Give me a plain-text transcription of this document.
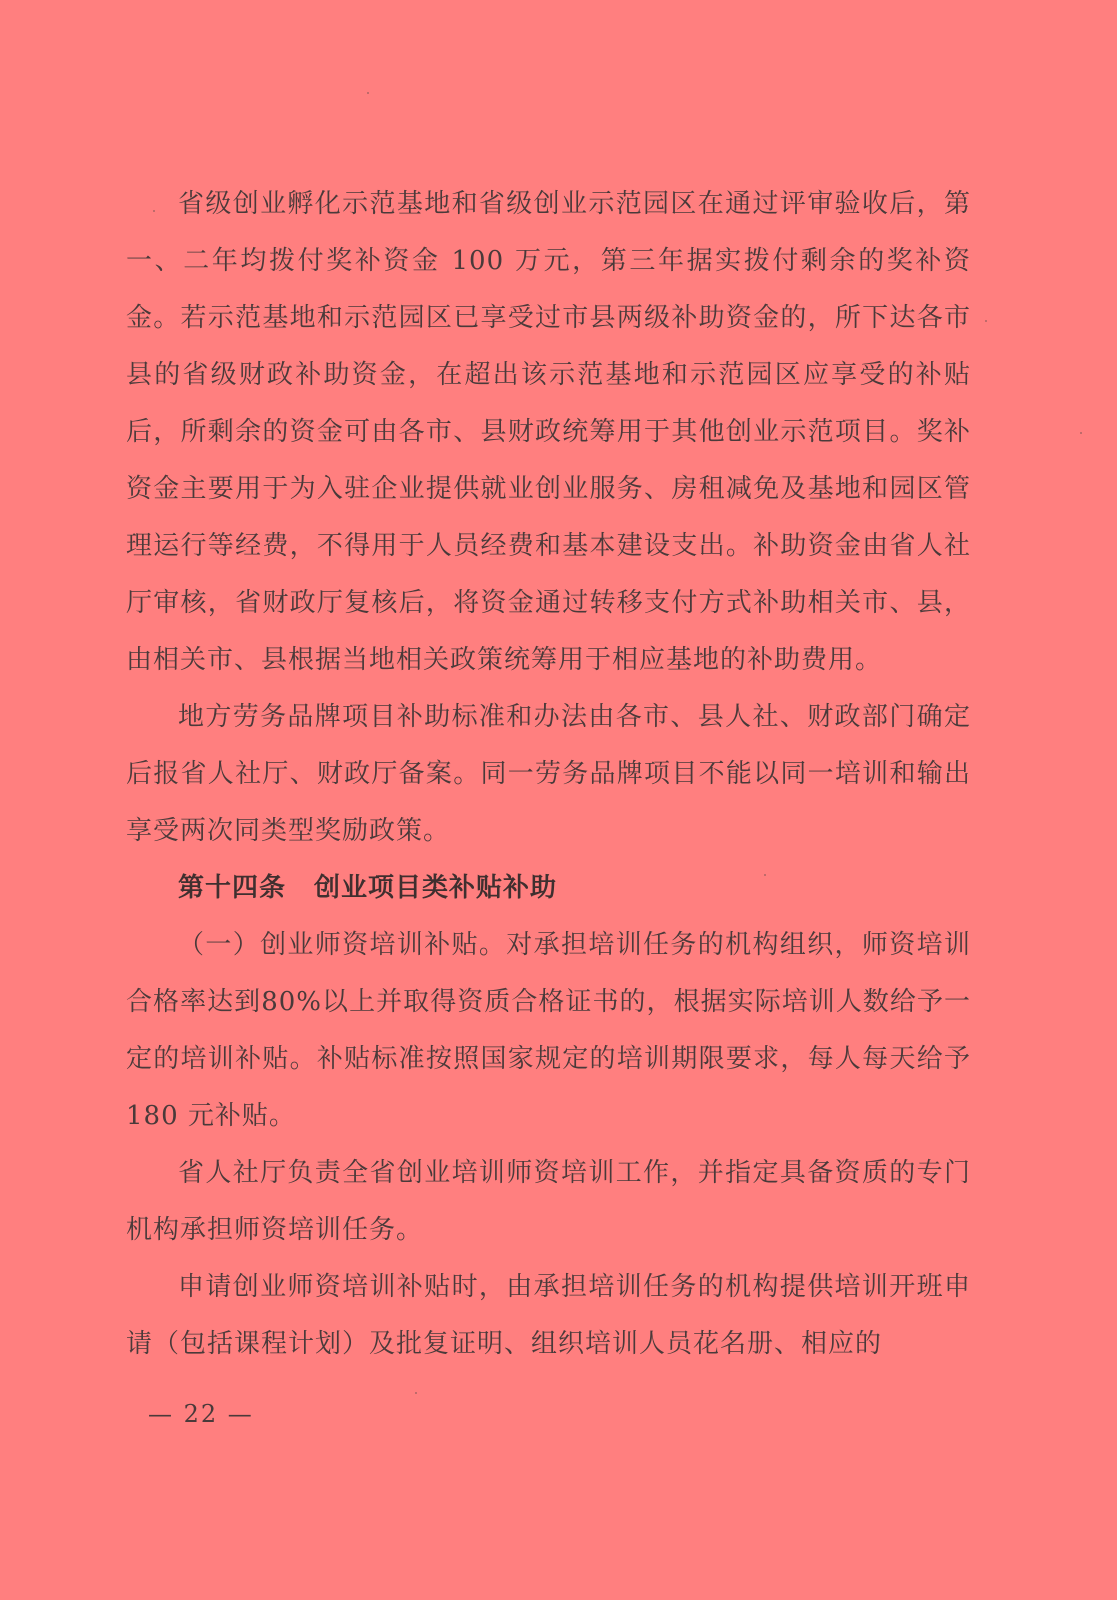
省级创业孵化示范基地和省级创业示范园区在通过评审验收后，第一、二年均拨付奖补资金 100 万元，第三年据实拨付剩余的奖补资金。若示范基地和示范园区已享受过市县两级补助资金的，所下达各市县的省级财政补助资金，在超出该示范基地和示范园区应享受的补贴后，所剩余的资金可由各市、县财政统筹用于其他创业示范项目。奖补资金主要用于为入驻企业提供就业创业服务、房租减免及基地和园区管理运行等经费，不得用于人员经费和基本建设支出。补助资金由省人社厅审核，省财政厅复核后，将资金通过转移支付方式补助相关市、县，由相关市、县根据当地相关政策统筹用于相应基地的补助费用。

地方劳务品牌项目补助标准和办法由各市、县人社、财政部门确定后报省人社厅、财政厅备案。同一劳务品牌项目不能以同一培训和输出享受两次同类型奖励政策。

第十四条 创业项目类补贴补助

（一）创业师资培训补贴。对承担培训任务的机构组织，师资培训合格率达到80%以上并取得资质合格证书的，根据实际培训人数给予一定的培训补贴。补贴标准按照国家规定的培训期限要求，每人每天给予 180 元补贴。

省人社厅负责全省创业培训师资培训工作，并指定具备资质的专门机构承担师资培训任务。

申请创业师资培训补贴时，由承担培训任务的机构提供培训开班申请（包括课程计划）及批复证明、组织培训人员花名册、相应的

— 22 —
